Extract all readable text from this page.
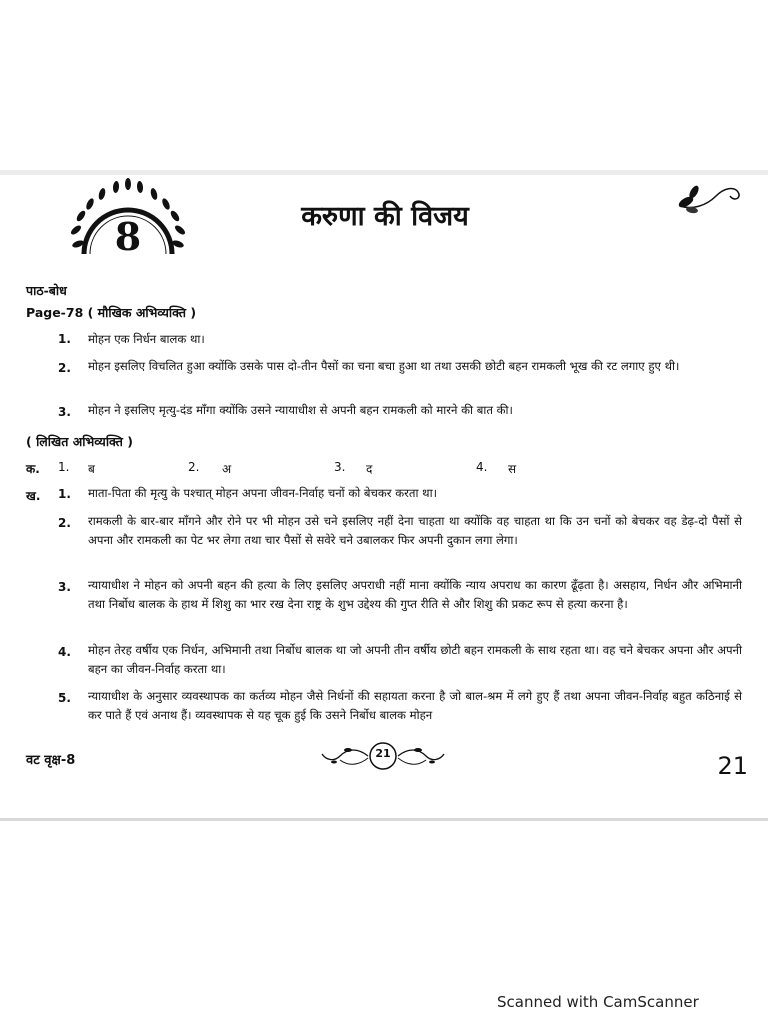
8	करुणा की विजय
पाठ-बोध
Page-78 ( मौखिक अभिव्यक्ति )
1. मोहन एक निर्धन बालक था।
2. मोहन इसलिए विचलित हुआ क्योंकि उसके पास दो-तीन पैसों का चना बचा हुआ था तथा उसकी छोटी बहन रामकली भूख की रट लगाए हुए थी।
3. मोहन ने इसलिए मृत्यु-दंड माँगा क्योंकि उसने न्यायाधीश से अपनी बहन रामकली को मारने की बात की।
( लिखित अभिव्यक्ति )
क. 1. ब	2. अ	3. द	4. स
ख. 1. माता-पिता की मृत्यु के पश्चात् मोहन अपना जीवन-निर्वाह चनों को बेचकर करता था।
2. रामकली के बार-बार माँगने और रोने पर भी मोहन उसे चने इसलिए नहीं देना चाहता था क्योंकि वह चाहता था कि उन चनों को बेचकर वह डेढ़-दो पैसों से अपना और रामकली का पेट भर लेगा तथा चार पैसों से सवेरे चने उबालकर फिर अपनी दुकान लगा लेगा।
3. न्यायाधीश ने मोहन को अपनी बहन की हत्या के लिए इसलिए अपराधी नहीं माना क्योंकि न्याय अपराध का कारण ढूँढ़ता है। असहाय, निर्धन और अभिमानी तथा निर्बोध बालक के हाथ में शिशु का भार रख देना राष्ट्र के शुभ उद्देश्य की गुप्त रीति से और शिशु की प्रकट रूप से हत्या करना है।
4. मोहन तेरह वर्षीय एक निर्धन, अभिमानी तथा निर्बोध बालक था जो अपनी तीन वर्षीय छोटी बहन रामकली के साथ रहता था। वह चने बेचकर अपना और अपनी बहन का जीवन-निर्वाह करता था।
5. न्यायाधीश के अनुसार व्यवस्थापक का कर्तव्य मोहन जैसे निर्धनों की सहायता करना है जो बाल-श्रम में लगे हुए हैं तथा अपना जीवन-निर्वाह बहुत कठिनाई से कर पाते हैं एवं अनाथ हैं। व्यवस्थापक से यह चूक हुई कि उसने निर्बोध बालक मोहन
वट वृक्ष-8	21	21
Scanned with CamScanner
